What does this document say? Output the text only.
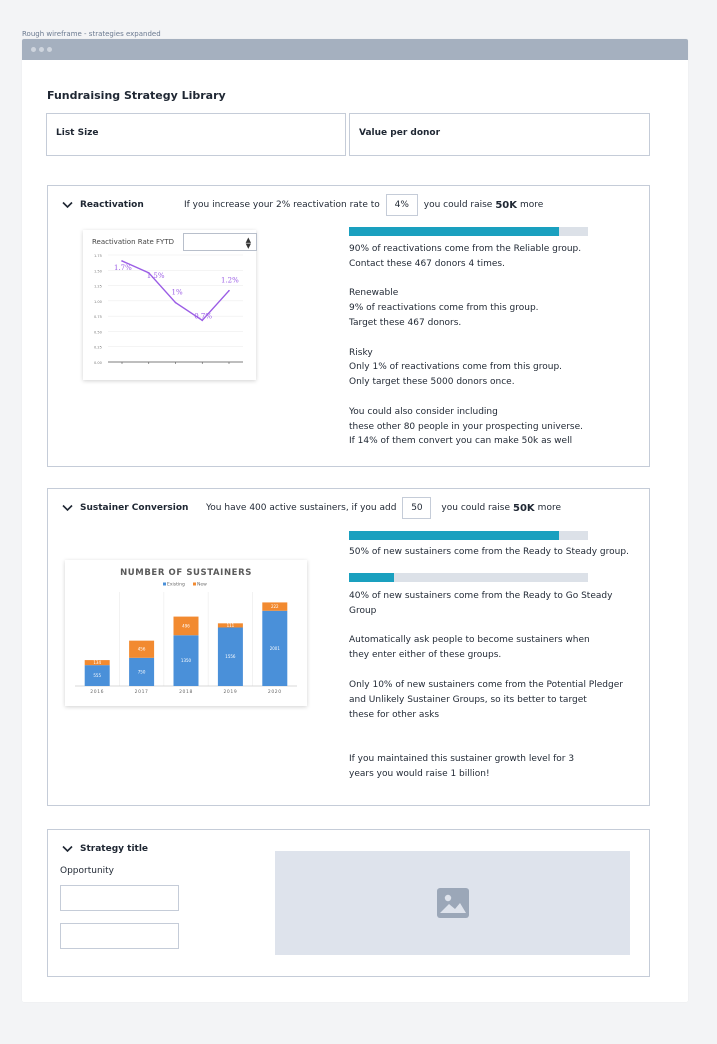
Rough wireframe - strategies expanded
Fundraising Strategy Library
List Size	Value per donor
Reactivation	If you increase your 2% reactivation rate to	4%	you could raise 50K more
Reactivation Rate FYTD	▲
▼
1.75
1.50
1.25
1.00
0.75
0.50
0.25
0.00
1.7%
1.5%
1%
0.7%
1.2%
90% of reactivations come from the Reliable group.
Contact these 467 donors 4 times.

Renewable
9% of reactivations come from this group.
Target these 467 donors.

Risky
Only 1% of reactivations come from this group.
Only target these 5000 donors once.

You could also consider including
these other 80 people in your prospecting universe.
If 14% of them convert you can make 50k as well
Sustainer Conversion You have 400 active sustainers, if you add	50	you could raise 50K more
NUMBER OF SUSTAINERS
Existing	New
555
134
2016
750
456
2017
1350
496
2018
1556
111
2019
2001
222
2020
50% of new sustainers come from the Ready to Steady group.
40% of new sustainers come from the Ready to Go Steady
Group
Automatically ask people to become sustainers when
they enter either of these groups.
Only 10% of new sustainers come from the Potential Pledger
and Unlikely Sustainer Groups, so its better to target
these for other asks
If you maintained this sustainer growth level for 3
years you would raise 1 billion!
Strategy title
Opportunity
